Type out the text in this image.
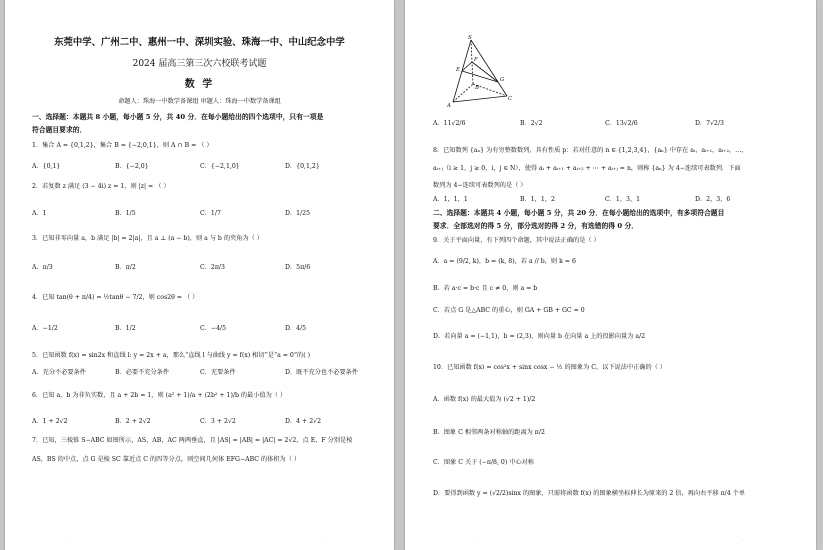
东莞中学、广州二中、惠州一中、深圳实验、珠海一中、中山纪念中学
2024 届高三第三次六校联考试题
数 学
命题人：珠海一中数学备课组 审题人：珠海一中数学备课组
一、选择题：本题共 8 小题，每小题 5 分，共 40 分．在每小题给出的四个选项中，只有一项是
符合题目要求的．
1．集合 A = {0,1,2}，集合 B = {−2,0,1}，则 A ∩ B = （ ）
A．{0,1}	B．{−2,0}	C．{−2,1,0}	D．{0,1,2}
2．若复数 z 满足 (3 − 4i) z = 1，则 |z| = （ ）
A．1	B．1/5	C．1/7	D．1/25
3．已知非零向量 a，b 满足 |b| = 2|a|，且 a ⊥ (a − b)，则 a 与 b 的夹角为（ ）
A．π/3	B．π/2	C．2π/3	D．5π/6
4．已知 tan(θ + π/4) = ½tanθ − 7/2，则 cos2θ = （ ）
A．−1/2	B．1/2	C．−4/5	D．4/5
5．已知函数 f(x) = sin2x 和直线 l: y = 2x + a，那么“直线 l 与曲线 y = f(x) 相切”是“a = 0”的( )
A．充分不必要条件	B．必要不充分条件	C．充要条件	D．既不充分也不必要条件
6．已知 a，b 为非负实数，且 a + 2b = 1，则 (a² + 1)/a + (2b² + 1)/b 的最小值为（ ）
A．1 + 2√2	B．2 + 2√2	C．3 + 2√2	D．4 + 2√2
7．已知，三棱锥 S−ABC 如图所示，AS，AB，AC 两两垂直，且 |AS| = |AB| = |AC| = 2√2，点 E，F 分别是棱
AS，BS 的中点，点 G 是棱 SC 靠近点 C 的四等分点，则空间几何体 EFG−ABC 的体积为（ ）
·	·
S
A
B
C
E
F
G
A．11√2/6	B．2√2	C．13√2/6	D．7√2/3
8．已知数列 {aₙ} 为有穷整数数列，具有性质 p：若对任意的 n ∈ {1,2,3,4}，{aₙ} 中存在 aᵢ，aᵢ₊₁，aᵢ₊₂，…，
aᵢ₊ⱼ（i ≥ 1，j ≥ 0，i，j ∈ N），使得 aᵢ + aᵢ₊₁ + aᵢ₊₂ + ⋯ + aᵢ₊ⱼ = n，则称 {aₙ} 为 4−连续可表数列．下面
数列为 4−连续可表数列的是（ ）
A．1，1，1	B．1，1，2	C．1，3，1	D．2，3，6
二、选择题：本题共 4 小题，每小题 5 分，共 20 分．在每小题给出的选项中，有多项符合题目
要求．全部选对的得 5 分，部分选对的得 2 分，有选错的得 0 分．
9．关于平面向量，有下列四个命题，其中说法正确的是（ ）
A．a = (9/2, k)，b = (k, 8)，若 a // b，则 k = 6
B．若 a·c = b·c 且 c ≠ 0，则 a = b
C．若点 G 是△ABC 的重心，则 GA + GB + GC = 0
D．若向量 a = (−1,1)，b = (2,3)，则向量 b 在向量 a 上的投影向量为 a/2
10．已知函数 f(x) = cos²x + sinx cosx − ½ 的图象为 C，以下说法中正确的（ ）
A．函数 f(x) 的最大值为 (√2 + 1)/2
B．图象 C 相邻两条对称轴的距离为 π/2
C．图象 C 关于 (−π/8, 0) 中心对称
D．要得到函数 y = (√2/2)sinx 的图象，只需将函数 f(x) 的图象横坐标伸长为原来的 2 倍，再向右平移 π/4 个单
·	·
